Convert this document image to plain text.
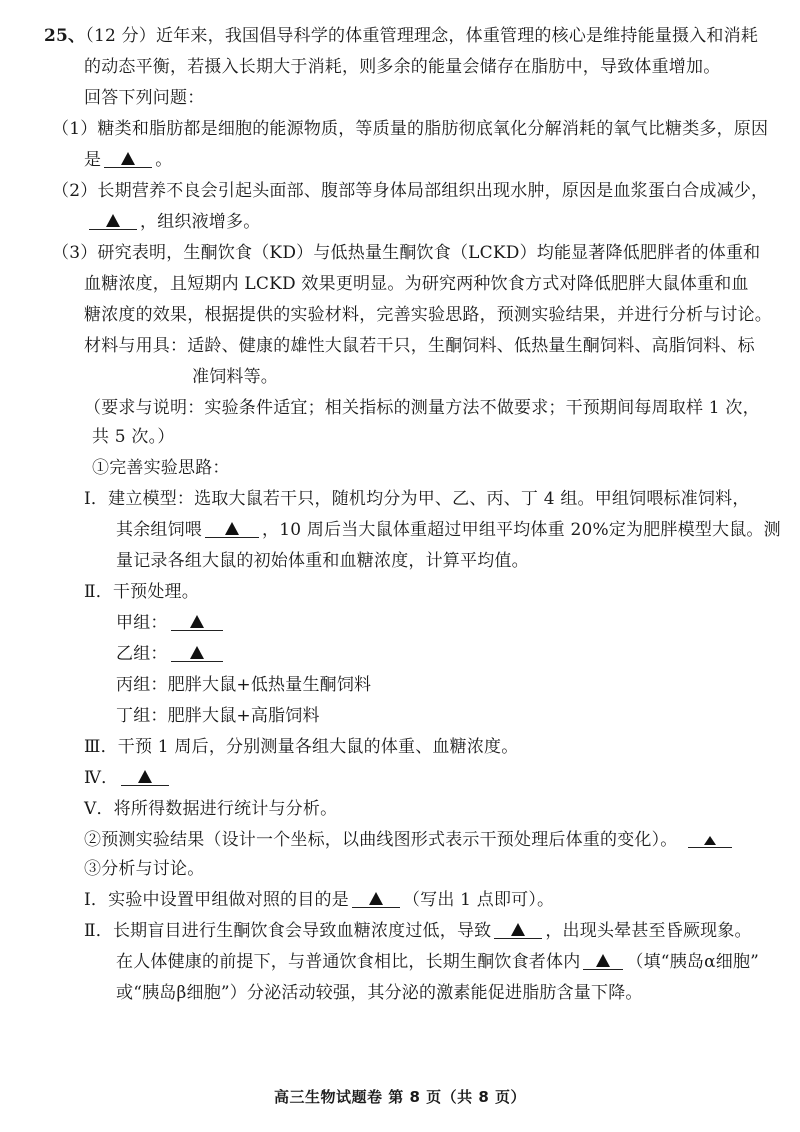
25、（12 分）近年来，我国倡导科学的体重管理理念，体重管理的核心是维持能量摄入和消耗
的动态平衡，若摄入长期大于消耗，则多余的能量会储存在脂肪中，导致体重增加。
回答下列问题：
（1）糖类和脂肪都是细胞的能源物质，等质量的脂肪彻底氧化分解消耗的氧气比糖类多，原因
是	。
（2）长期营养不良会引起头面部、腹部等身体局部组织出现水肿，原因是血浆蛋白合成减少，
，组织液增多。
（3）研究表明，生酮饮食（KD）与低热量生酮饮食（LCKD）均能显著降低肥胖者的体重和
血糖浓度，且短期内 LCKD 效果更明显。为研究两种饮食方式对降低肥胖大鼠体重和血
糖浓度的效果，根据提供的实验材料，完善实验思路，预测实验结果，并进行分析与讨论。
材料与用具：适龄、健康的雄性大鼠若干只，生酮饲料、低热量生酮饲料、高脂饲料、标
准饲料等。
（要求与说明：实验条件适宜；相关指标的测量方法不做要求；干预期间每周取样 1 次，
共 5 次。）
①完善实验思路：
Ⅰ．建立模型：选取大鼠若干只，随机均分为甲、乙、丙、丁 4 组。甲组饲喂标准饲料，
其余组饲喂	，10 周后当大鼠体重超过甲组平均体重 20%定为肥胖模型大鼠。测
量记录各组大鼠的初始体重和血糖浓度，计算平均值。
Ⅱ．干预处理。
甲组：
乙组：
丙组：肥胖大鼠+低热量生酮饲料
丁组：肥胖大鼠+高脂饲料
Ⅲ．干预 1 周后，分别测量各组大鼠的体重、血糖浓度。
Ⅳ．
Ⅴ．将所得数据进行统计与分析。
②预测实验结果（设计一个坐标，以曲线图形式表示干预处理后体重的变化）。
③分析与讨论。
Ⅰ．实验中设置甲组做对照的目的是	（写出 1 点即可）。
Ⅱ．长期盲目进行生酮饮食会导致血糖浓度过低，导致	，出现头晕甚至昏厥现象。
在人体健康的前提下，与普通饮食相比，长期生酮饮食者体内	（填“胰岛α细胞”
或“胰岛β细胞”）分泌活动较强，其分泌的激素能促进脂肪含量下降。
高三生物试题卷 第 8 页（共 8 页）
